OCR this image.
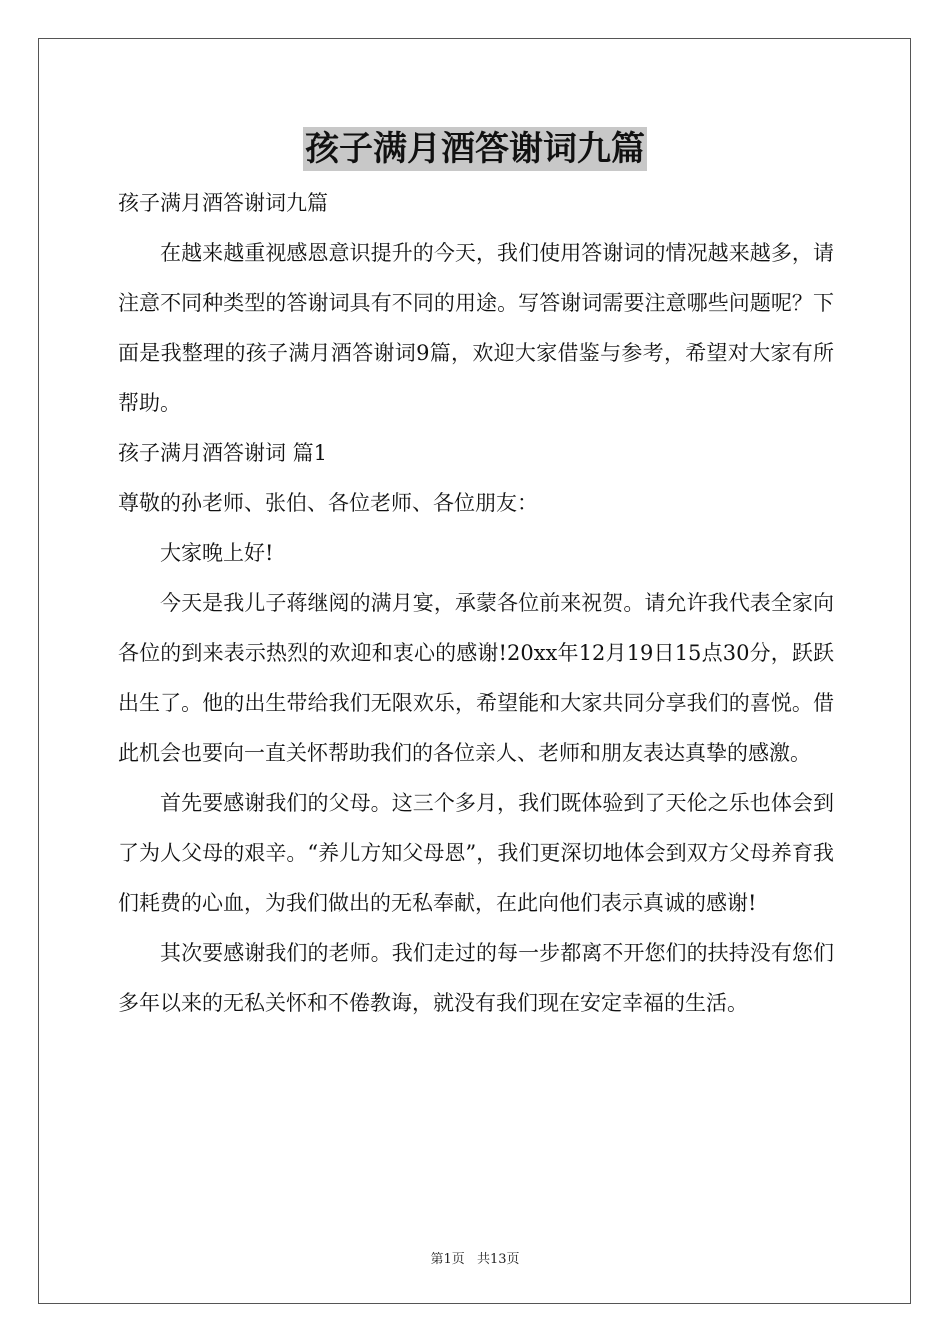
孩子满月酒答谢词九篇

孩子满月酒答谢词九篇

在越来越重视感恩意识提升的今天，我们使用答谢词的情况越来越多，请注意不同种类型的答谢词具有不同的用途。写答谢词需要注意哪些问题呢？下面是我整理的孩子满月酒答谢词9篇，欢迎大家借鉴与参考，希望对大家有所帮助。

孩子满月酒答谢词 篇1

尊敬的孙老师、张伯、各位老师、各位朋友：

大家晚上好!

今天是我儿子蒋继阅的满月宴，承蒙各位前来祝贺。请允许我代表全家向各位的到来表示热烈的欢迎和衷心的感谢!20xx年12月19日15点30分，跃跃出生了。他的出生带给我们无限欢乐，希望能和大家共同分享我们的喜悦。借此机会也要向一直关怀帮助我们的各位亲人、老师和朋友表达真挚的感激。

首先要感谢我们的父母。这三个多月，我们既体验到了天伦之乐也体会到了为人父母的艰辛。“养儿方知父母恩”，我们更深切地体会到双方父母养育我们耗费的心血，为我们做出的无私奉献，在此向他们表示真诚的感谢!

其次要感谢我们的老师。我们走过的每一步都离不开您们的扶持没有您们多年以来的无私关怀和不倦教诲，就没有我们现在安定幸福的生活。

第1页 共13页
